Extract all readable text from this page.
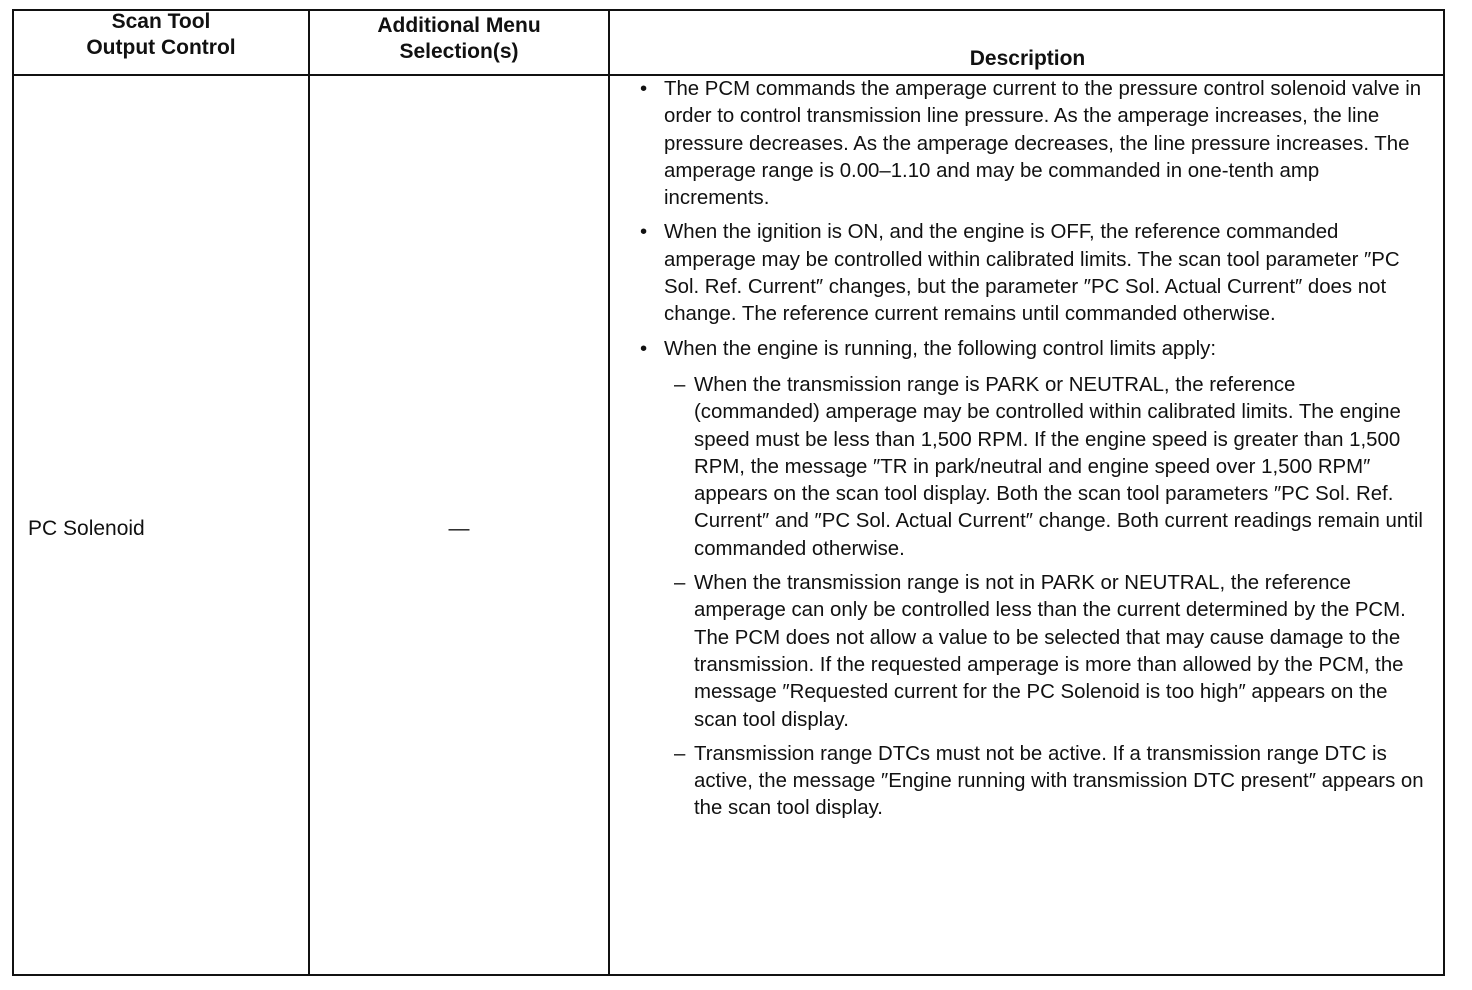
Scan Tool
Output Control
Additional Menu
Selection(s)	Description
PC Solenoid	—
• The PCM commands the amperage current to the pressure control solenoid valve in order to control transmission line pressure. As the amperage increases, the line pressure decreases. As the amperage decreases, the line pressure increases. The amperage range is 0.00–1.10 and may be commanded in one-tenth amp increments.
• When the ignition is ON, and the engine is OFF, the reference commanded amperage may be controlled within calibrated limits. The scan tool parameter ″PC Sol. Ref. Current″ changes, but the parameter ″PC Sol. Actual Current″ does not change. The reference current remains until commanded otherwise.
• When the engine is running, the following control limits apply:
– When the transmission range is PARK or NEUTRAL, the reference (commanded) amperage may be controlled within calibrated limits. The engine speed must be less than 1,500 RPM. If the engine speed is greater than 1,500 RPM, the message ″TR in park/neutral and engine speed over 1,500 RPM″ appears on the scan tool display. Both the scan tool parameters ″PC Sol. Ref. Current″ and ″PC Sol. Actual Current″ change. Both current readings remain until commanded otherwise.
– When the transmission range is not in PARK or NEUTRAL, the reference amperage can only be controlled less than the current determined by the PCM. The PCM does not allow a value to be selected that may cause damage to the transmission. If the requested amperage is more than allowed by the PCM, the message ″Requested current for the PC Solenoid is too high″ appears on the scan tool display.
– Transmission range DTCs must not be active. If a transmission range DTC is active, the message ″Engine running with transmission DTC present″ appears on the scan tool display.
